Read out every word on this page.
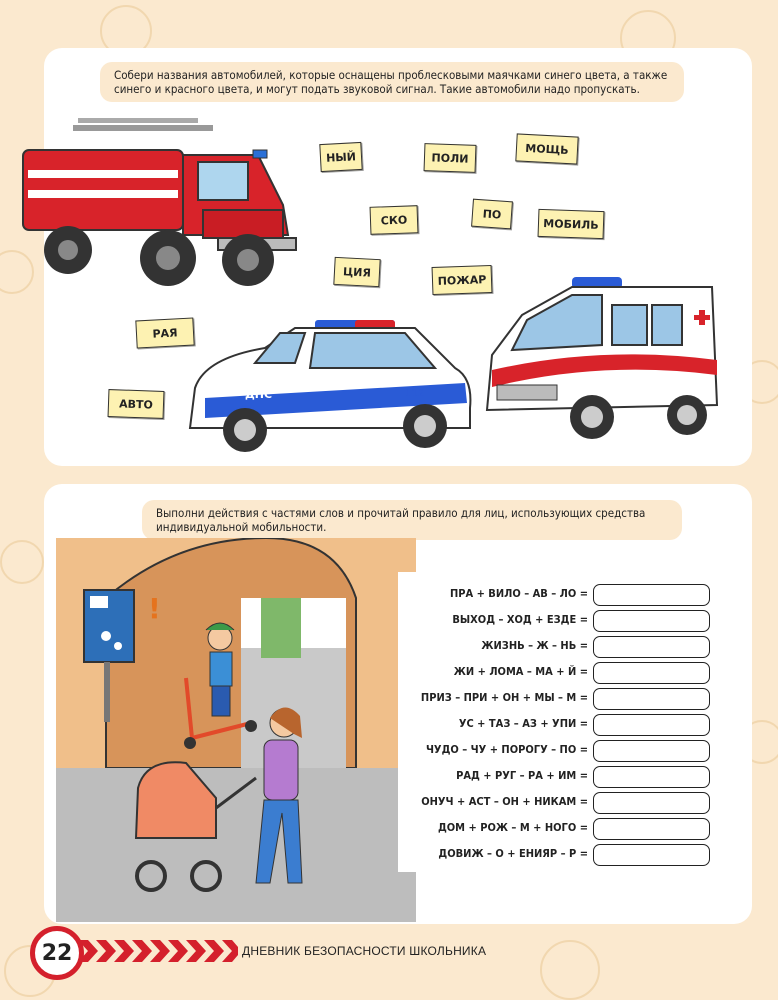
Собери названия автомобилей, которые оснащены проблесковыми маячками синего цвета, а также синего и красного цвета, и могут подать звуковой сигнал. Такие автомобили надо пропускать.
ДПС	112
НЫЙ	ПОЛИ
МОЩЬ
СКО	ПО
МОБИЛЬ
ЦИЯ
ПОЖАР
РАЯ
АВТО
Выполни действия с частями слов и прочитай правило для лиц, использующих средства индивидуальной мобильности.
!	ПРА + ВИЛО – АВ – ЛО =
ВЫХОД – ХОД + ЕЗДЕ =
ЖИЗНЬ – Ж – НЬ =
ЖИ + ЛОМА – МА + Й =
ПРИЗ – ПРИ + ОН + МЫ – М =
УС + ТАЗ – АЗ + УПИ =
ЧУДО – ЧУ + ПОРОГУ – ПО =
РАД + РУГ – РА + ИМ =
ОНУЧ + АСТ – ОН + НИКАМ =
ДОМ + РОЖ – М + НОГО =
ДОВИЖ – О + ЕНИЯР – Р =
22	ДНЕВНИК БЕЗОПАСНОСТИ ШКОЛЬНИКА
